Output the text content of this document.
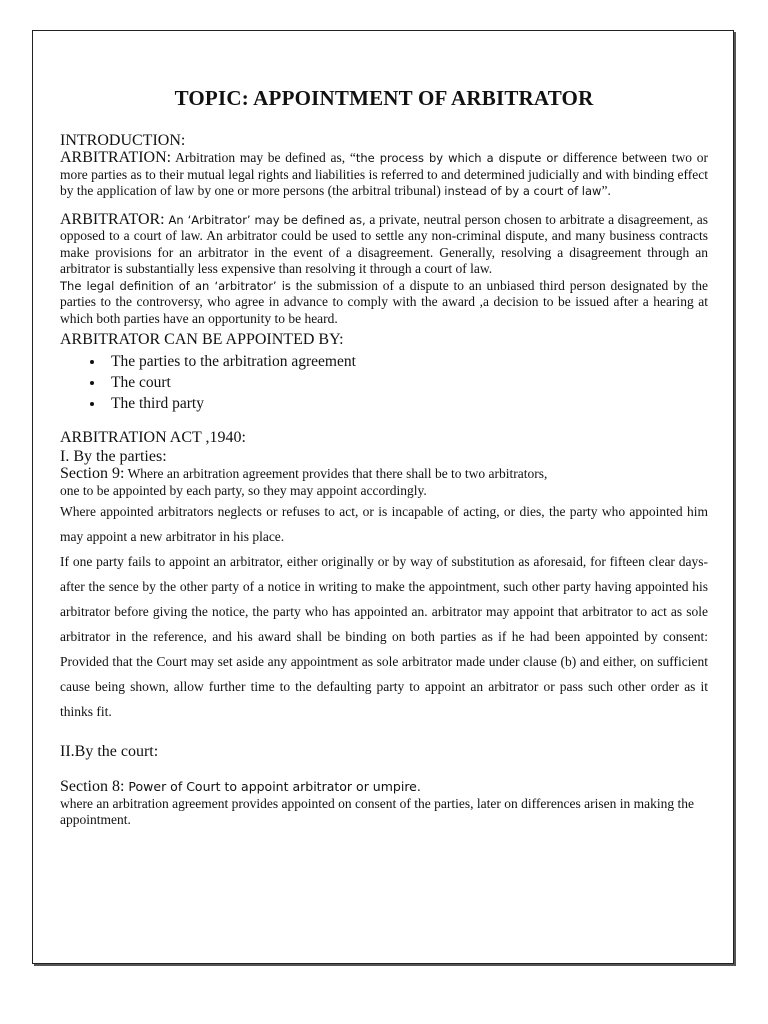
TOPIC: APPOINTMENT OF ARBITRATOR

INTRODUCTION:

ARBITRATION: Arbitration may be defined as, “the process by which a dispute or difference between two or more parties as to their mutual legal rights and liabilities is referred to and determined judicially and with binding effect by the application of law by one or more persons (the arbitral tribunal) instead of by a court of law”.

ARBITRATOR: An ‘Arbitrator’ may be defined as, a private, neutral person chosen to arbitrate a disagreement, as opposed to a court of law. An arbitrator could be used to settle any non-criminal dispute, and many business contracts make provisions for an arbitrator in the event of a disagreement. Generally, resolving a disagreement through an arbitrator is substantially less expensive than resolving it through a court of law.

The legal definition of an ‘arbitrator’ is the submission of a dispute to an unbiased third person designated by the parties to the controversy, who agree in advance to comply with the award ,a decision to be issued after a hearing at which both parties have an opportunity to be heard.

ARBITRATOR CAN BE APPOINTED BY:

• The parties to the arbitration agreement
• The court
• The third party

ARBITRATION ACT ,1940:

I. By the parties:

Section 9: Where an arbitration agreement provides that there shall be to two arbitrators,
one to be appointed by each party, so they may appoint accordingly.

Where appointed arbitrators neglects or refuses to act, or is incapable of acting, or dies, the party who appointed him may appoint a new arbitrator in his place.

If one party fails to appoint an arbitrator, either originally or by way of substitution as aforesaid, for fifteen clear days- after the sence by the other party of a notice in writing to make the appointment, such other party having appointed his arbitrator before giving the notice, the party who has appointed an. arbitrator may appoint that arbitrator to act as sole arbitrator in the reference, and his award shall be binding on both parties as if he had been appointed by consent: Provided that the Court may set aside any appointment as sole arbitrator made under clause (b) and either, on sufficient cause being shown, allow further time to the defaulting party to appoint an arbitrator or pass such other order as it thinks fit.

II.By the court:

Section 8: Power of Court to appoint arbitrator or umpire.

where an arbitration agreement provides appointed on consent of the parties, later on differences arisen in making the appointment.
